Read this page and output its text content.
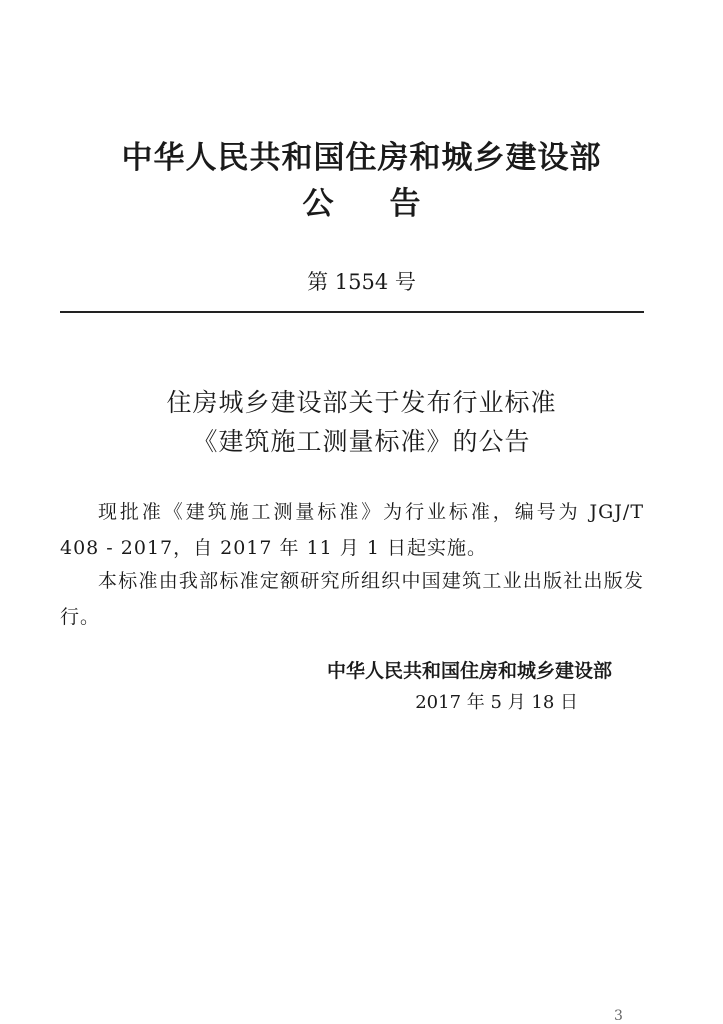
中华人民共和国住房和城乡建设部
公告
第 1554 号
住房城乡建设部关于发布行业标准
《建筑施工测量标准》的公告
现批准《建筑施工测量标准》为行业标准，编号为 JGJ/T 408 - 2017，自 2017 年 11 月 1 日起实施。
本标准由我部标准定额研究所组织中国建筑工业出版社出版发行。
中华人民共和国住房和城乡建设部
2017 年 5 月 18 日
3
